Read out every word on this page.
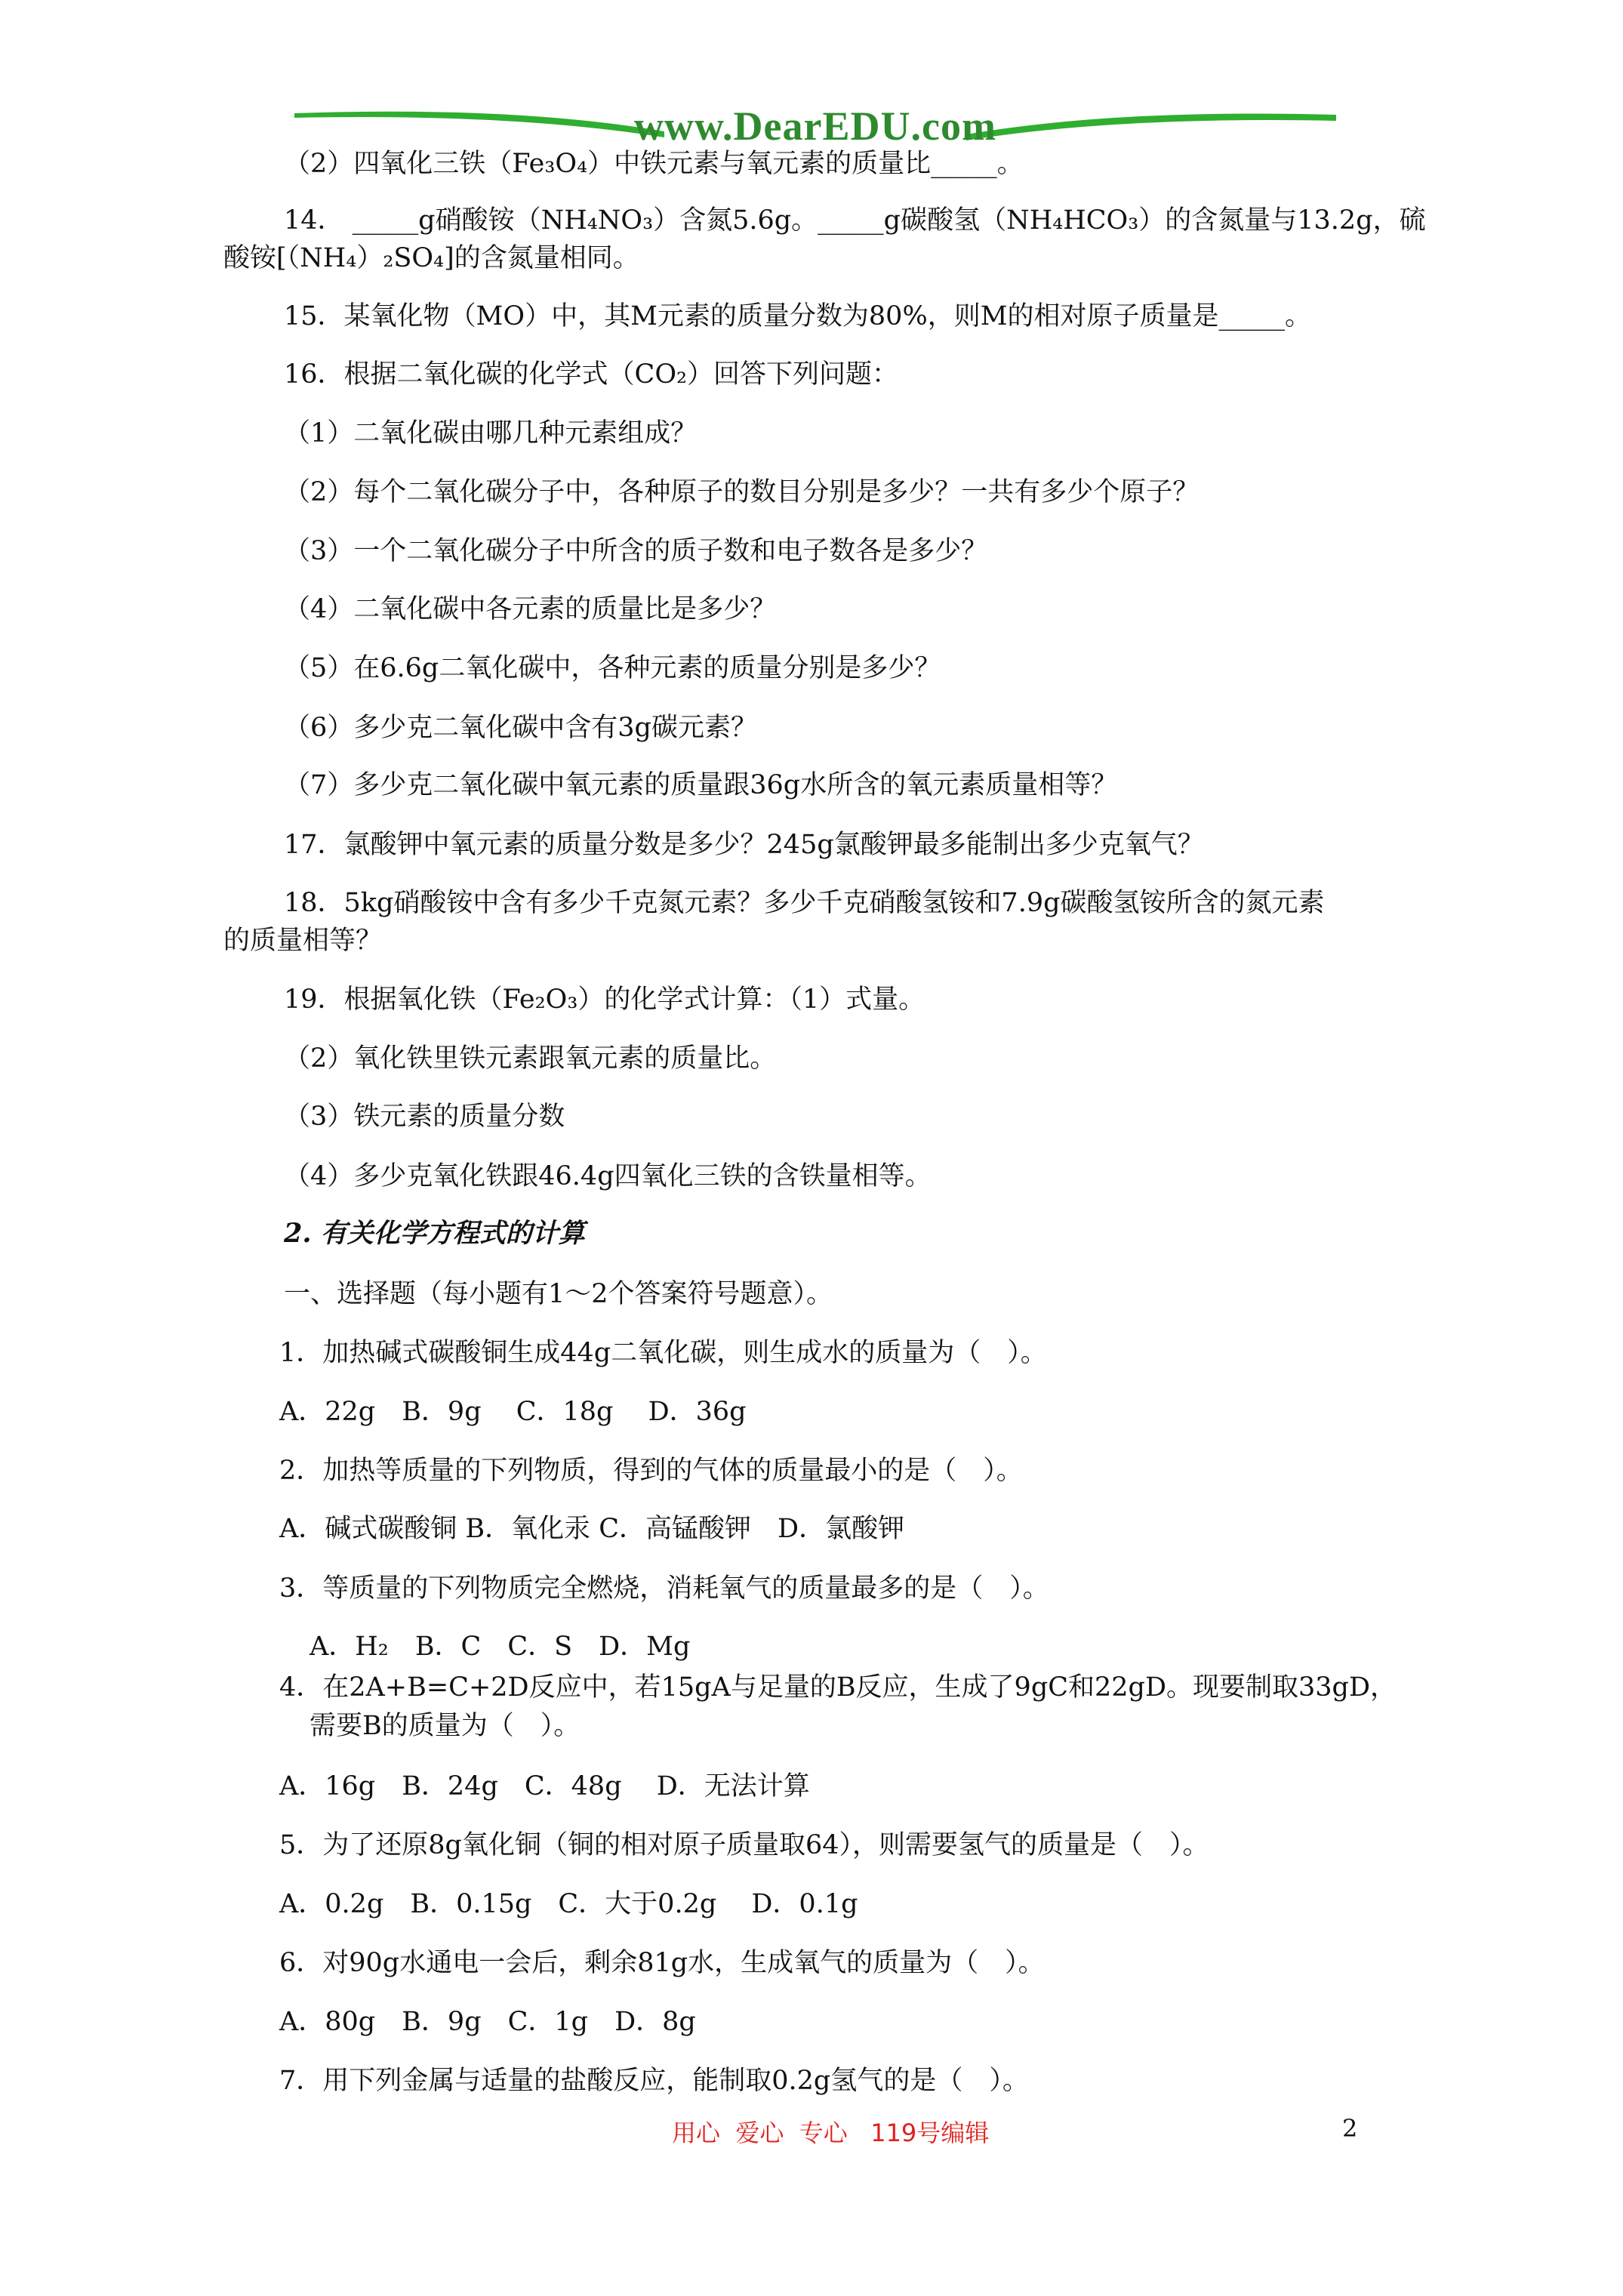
www.DearEDU.com
（2）四氧化三铁（Fe₃O₄）中铁元素与氧元素的质量比_____。
14． _____g硝酸铵（NH₄NO₃）含氮5.6g。_____g碳酸氢（NH₄HCO₃）的含氮量与13.2g，硫
酸铵[（NH₄）₂SO₄]的含氮量相同。
15．某氧化物（MO）中，其M元素的质量分数为80%，则M的相对原子质量是_____。
16．根据二氧化碳的化学式（CO₂）回答下列问题：
（1）二氧化碳由哪几种元素组成？
（2）每个二氧化碳分子中，各种原子的数目分别是多少？一共有多少个原子？
（3）一个二氧化碳分子中所含的质子数和电子数各是多少？
（4）二氧化碳中各元素的质量比是多少？
（5）在6.6g二氧化碳中，各种元素的质量分别是多少？
（6）多少克二氧化碳中含有3g碳元素？
（7）多少克二氧化碳中氧元素的质量跟36g水所含的氧元素质量相等？
17．氯酸钾中氧元素的质量分数是多少？245g氯酸钾最多能制出多少克氧气？
18．5kg硝酸铵中含有多少千克氮元素？多少千克硝酸氢铵和7.9g碳酸氢铵所含的氮元素
的质量相等？
19．根据氧化铁（Fe₂O₃）的化学式计算：（1）式量。
（2）氧化铁里铁元素跟氧元素的质量比。
（3）铁元素的质量分数
（4）多少克氧化铁跟46.4g四氧化三铁的含铁量相等。
2. 有关化学方程式的计算
一、选择题（每小题有1～2个答案符号题意）。
1．加热碱式碳酸铜生成44g二氧化碳，则生成水的质量为（　）。
A．22g　B．9g　 C．18g　 D．36g
2．加热等质量的下列物质，得到的气体的质量最小的是（　）。
A．碱式碳酸铜 B．氧化汞 C．高锰酸钾　D．氯酸钾
3．等质量的下列物质完全燃烧，消耗氧气的质量最多的是（　）。
A．H₂　B．C　C．S　D．Mg
4．在2A+B=C+2D反应中，若15gA与足量的B反应，生成了9gC和22gD。现要制取33gD，
需要B的质量为（　）。
A．16g　B．24g　C．48g　 D．无法计算
5．为了还原8g氧化铜（铜的相对原子质量取64），则需要氢气的质量是（　）。
A．0.2g　B．0.15g　C．大于0.2g　 D．0.1g
6．对90g水通电一会后，剩余81g水，生成氧气的质量为（　）。
A．80g　B．9g　C．1g　D．8g
7．用下列金属与适量的盐酸反应，能制取0.2g氢气的是（　）。
用心  爱心  专心   119号编辑	2
